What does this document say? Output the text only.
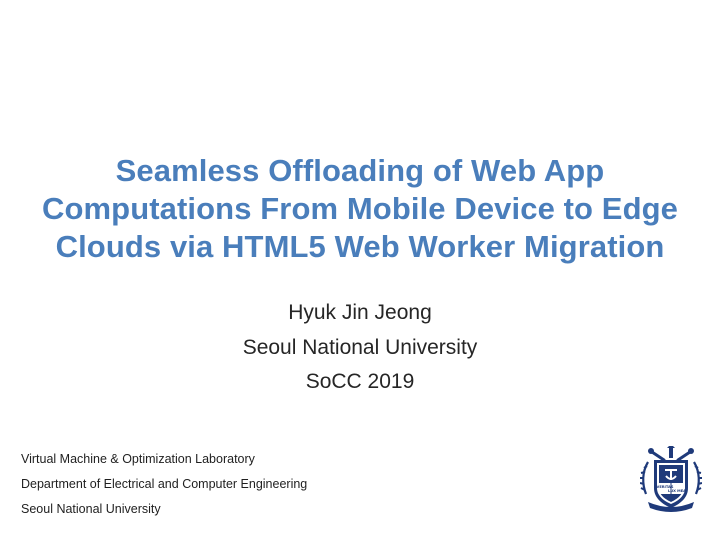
Seamless Offloading of Web App
Computations From Mobile Device to Edge
Clouds via HTML5 Web Worker Migration
Hyuk Jin Jeong
Seoul National University
SoCC 2019
Virtual Machine & Optimization Laboratory
Department of Electrical and Computer Engineering
Seoul National University
VERITAS
LUX MEA
